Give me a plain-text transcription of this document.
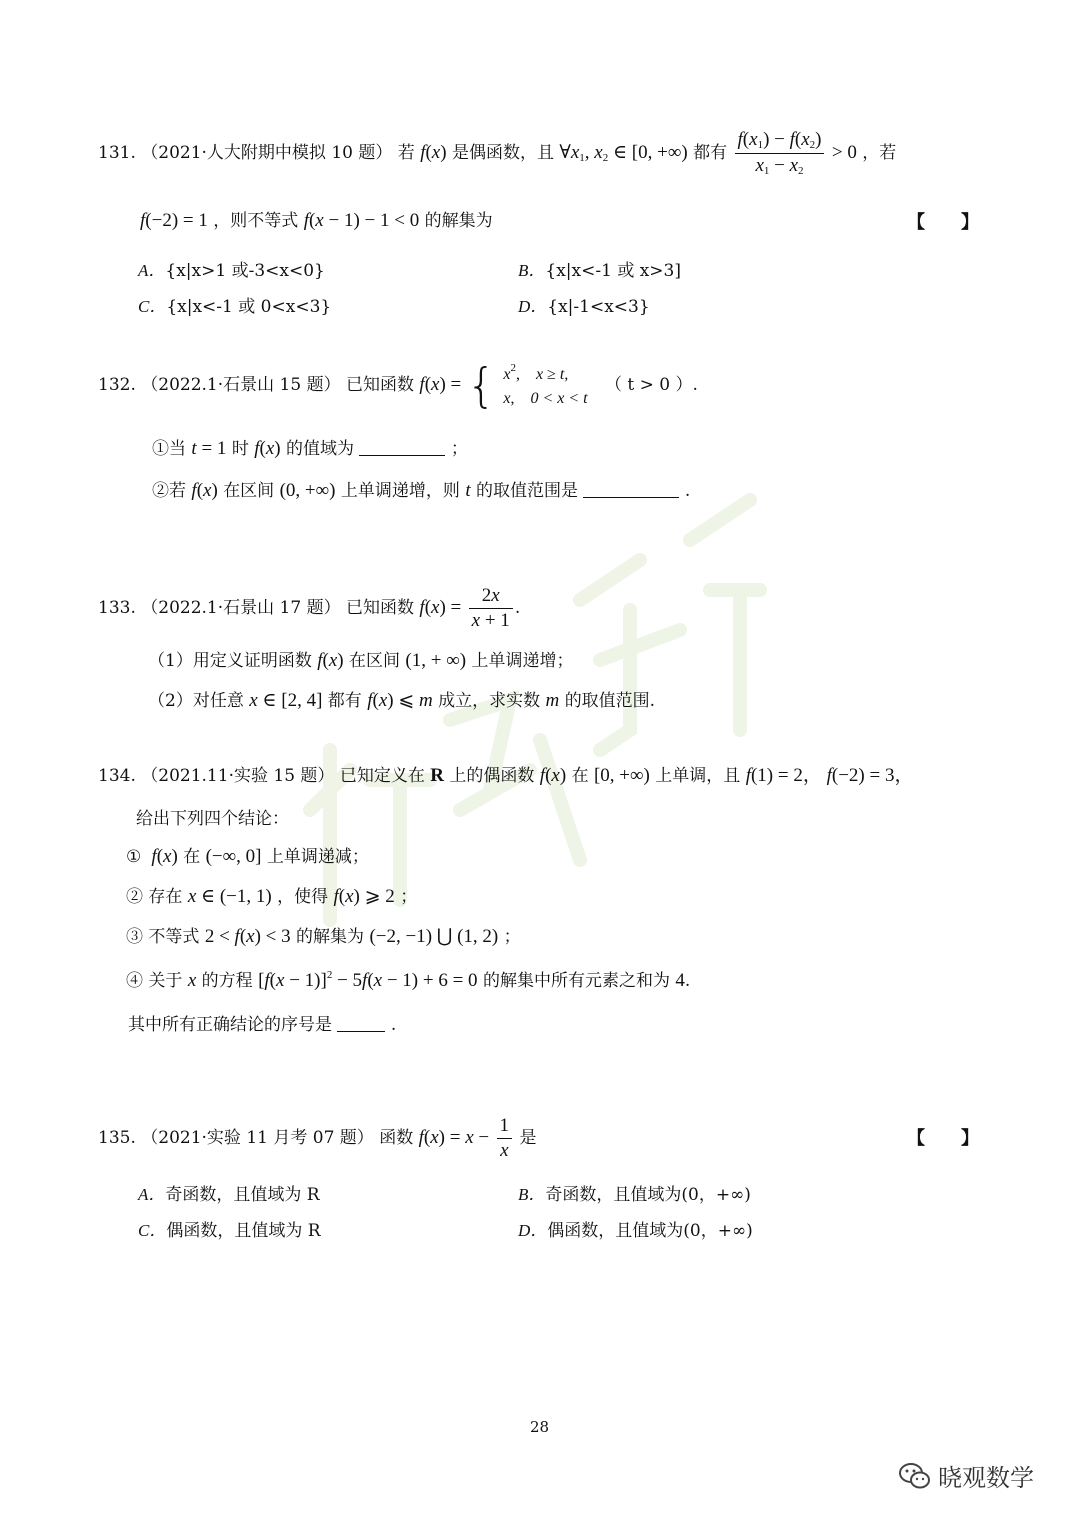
131. （2021·人大附期中模拟 10 题） 若 f(x) 是偶函数，且 $\forall x_1$, $x_2$ ∈ [0, +∞) 都有 $\frac{f(x_1) - f(x_2)}{x_1 - x_2} > 0$ ，若
f(−2) = 1 ，则不等式 f(x − 1) − 1 < 0 的解集为	【　　】
A．{x|x>1 或-3<x<0}	B．{x|x<-1 或 x>3]
C．{x|x<-1 或 0<x<3}	D．{x|-1<x<3}
132. （2022.1·石景山 15 题） 已知函数 f(x) = { $x^2$,    x ≥ t,
x,    0 < x < t
（ t > 0 ）.
①当 t = 1 时 f(x) 的值域为	；
②若 f(x) 在区间 (0, +∞) 上单调递增，则 t 的取值范围是	.
133. （2022.1·石景山 17 题） 已知函数 $f(x) = \frac{2x}{x + 1}$ .
（1）用定义证明函数 f(x) 在区间 (1, + ∞) 上单调递增；
（2）对任意 x ∈ [2, 4] 都有 f(x) ⩽ m 成立，求实数 m 的取值范围.
134. （2021.11·实验 15 题） 已知定义在 R 上的偶函数 f(x) 在 [0, +∞) 上单调，且 f(1) = 2， f(−2) = 3，
给出下列四个结论：
① f(x) 在 (−∞, 0] 上单调递减；
② 存在 x ∈ (−1, 1) ，使得 f(x) ⩾ 2 ；
③ 不等式 2 < f(x) < 3 的解集为 (−2, −1) ⋃ (1, 2) ；
④ 关于 x 的方程 $[f(x - 1)]^2 - 5f(x - 1) + 6 = 0$ 的解集中所有元素之和为 4.
其中所有正确结论的序号是	.
135. （2021·实验 11 月考 07 题） 函数 $f(x) = x - \frac{1}{x}$ 是	【　　】
A．奇函数，且值域为 R	B．奇函数，且值域为(0，+∞)
C．偶函数，且值域为 R	D．偶函数，且值域为(0，+∞)
28
晓观数学
